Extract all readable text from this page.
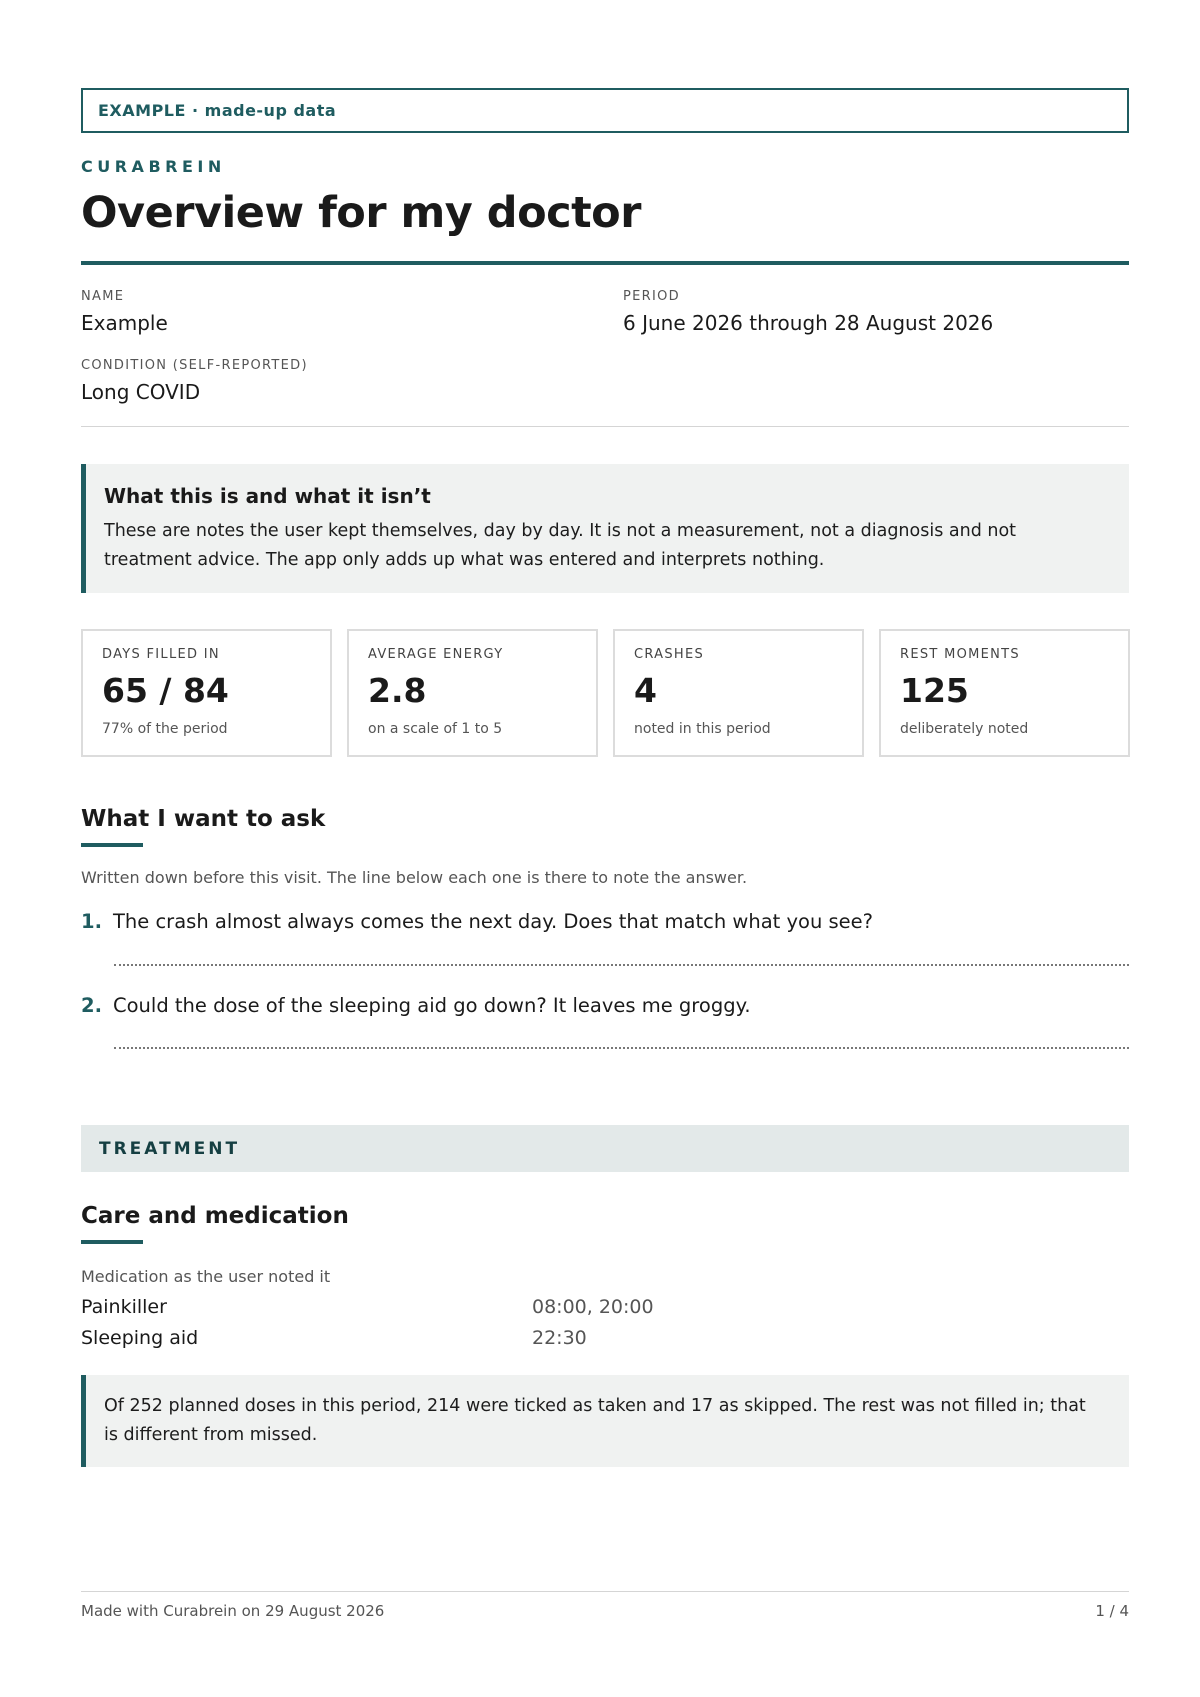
EXAMPLE · made-up data
CURABREIN
Overview for my doctor
NAME
Example
PERIOD
6 June 2026 through 28 August 2026
CONDITION (SELF-REPORTED)
Long COVID
What this is and what it isn’t
These are notes the user kept themselves, day by day. It is not a measurement, not a diagnosis and not treatment advice. The app only adds up what was entered and interprets nothing.
DAYS FILLED IN
65 / 84
77% of the period
AVERAGE ENERGY
2.8
on a scale of 1 to 5
CRASHES
4
noted in this period
REST MOMENTS
125
deliberately noted
What I want to ask

Written down before this visit. The line below each one is there to note the answer.

1. The crash almost always comes the next day. Does that match what you see?
2. Could the dose of the sleeping aid go down? It leaves me groggy.
TREATMENT
Care and medication

Medication as the user noted it

Painkiller	08:00, 20:00
Sleeping aid	22:30
Of 252 planned doses in this period, 214 were ticked as taken and 17 as skipped. The rest was not filled in; that is different from missed.
Made with Curabrein on 29 August 2026	1 / 4
